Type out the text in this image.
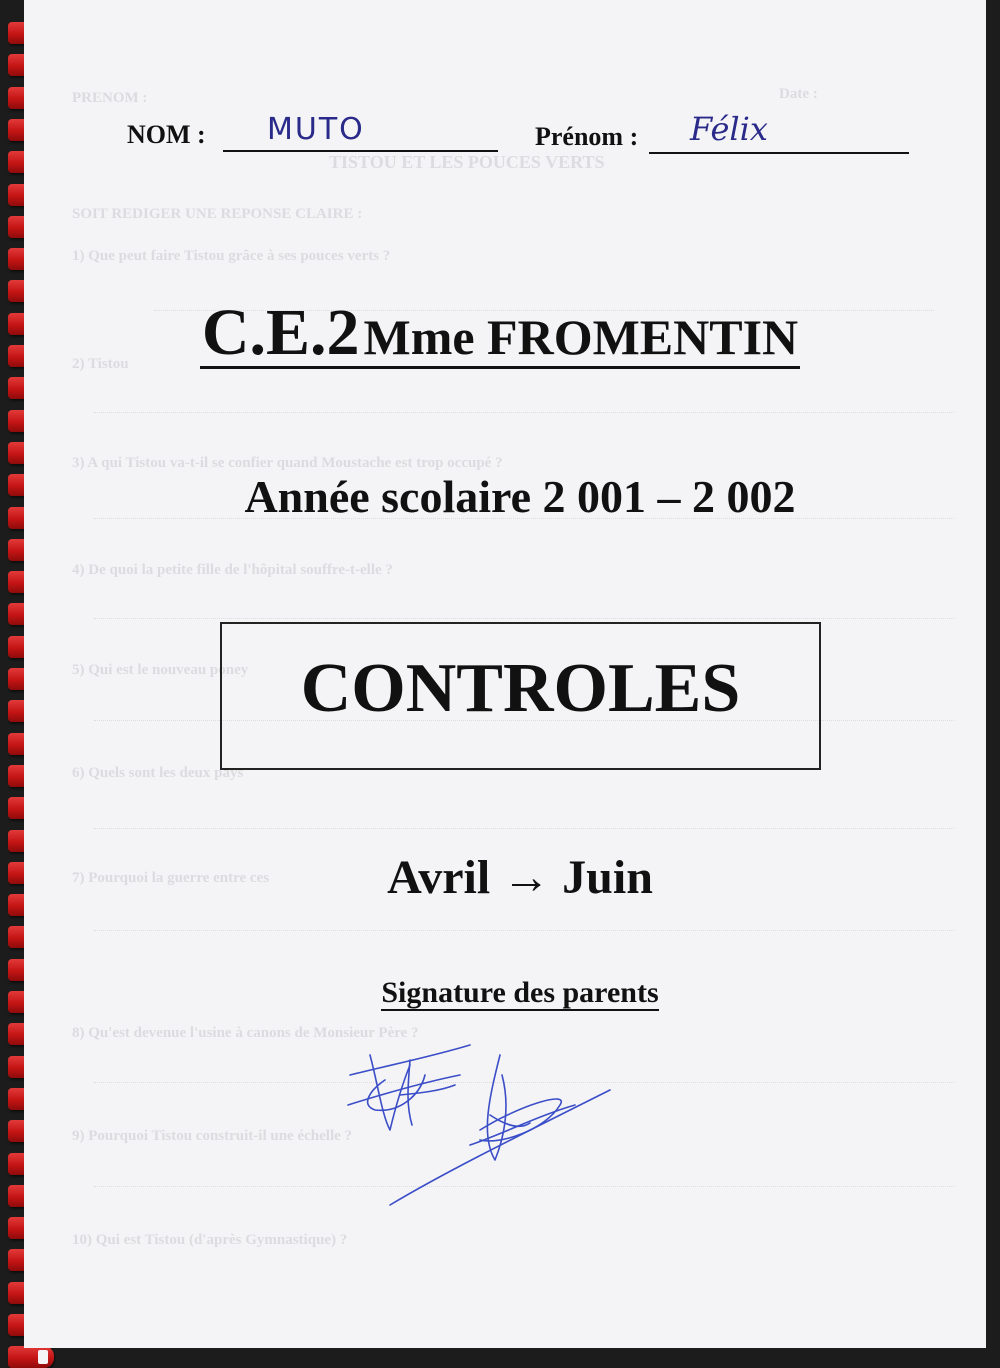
PRENOM :	Date :
TISTOU ET LES POUCES VERTS
SOIT REDIGER UNE REPONSE CLAIRE :
1) Que peut faire Tistou grâce à ses pouces verts ?
2) Tistou
3) A qui Tistou va-t-il se confier quand Moustache est trop occupé ?
4) De quoi la petite fille de l'hôpital souffre-t-elle ?
5) Qui est le nouveau poney
6) Quels sont les deux pays
7) Pourquoi la guerre entre ces
8) Qu'est devenue l'usine à canons de Monsieur Père ?
9) Pourquoi Tistou construit-il une échelle ?
10) Qui est Tistou (d'après Gymnastique) ?
NOM : MUTO	Prénom : Félix
C.E.2 Mme FROMENTIN
Année scolaire 2 001 – 2 002
CONTROLES
Avril → Juin
Signature des parents
